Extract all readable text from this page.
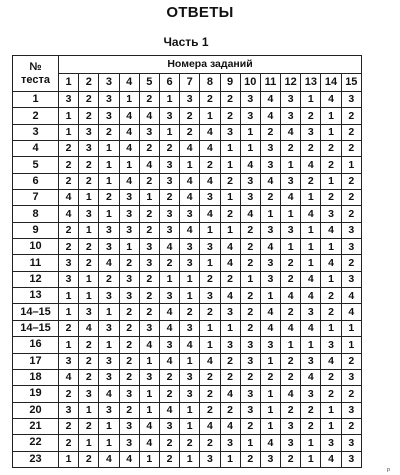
ОТВЕТЫ
Часть 1
№
теста	Номера заданий														
	1	2	3	4	5	6	7	8	9	10	11	12	13	14	15
1	3	2	3	1	2	1	3	2	2	3	4	3	1	4	3
2	1	2	3	4	4	3	2	1	2	3	4	3	2	1	2
3	1	3	2	4	3	1	2	4	3	1	2	4	3	1	2
4	2	3	1	4	2	2	4	4	1	1	3	2	2	2	2
5	2	2	1	1	4	3	1	2	1	4	3	1	4	2	1
6	2	2	1	4	2	3	4	4	2	3	4	3	2	1	2
7	4	1	2	3	1	2	4	3	1	3	2	4	1	2	2
8	4	3	1	3	2	3	3	4	2	4	1	1	4	3	2
9	2	1	3	3	2	3	4	1	1	2	3	3	1	4	3
10	2	2	3	1	3	4	3	3	4	2	4	1	1	1	3
11	3	2	4	2	3	2	3	1	4	2	3	2	1	4	2
12	3	1	2	3	2	1	1	2	2	1	3	2	4	1	3
13	1	1	3	3	2	3	1	3	4	2	1	4	4	2	4
14–15	1	3	1	2	2	4	2	2	3	2	4	2	3	2	4
14–15	2	4	3	2	3	4	3	1	1	2	4	4	4	1	1
16	1	2	1	2	4	3	4	1	3	3	3	1	1	3	1
17	3	2	3	2	1	4	1	4	2	3	1	2	3	4	2
18	4	2	3	2	3	2	3	2	2	2	2	2	4	2	3
19	2	3	4	3	1	2	3	2	4	3	1	4	3	2	2
20	3	1	3	2	1	4	1	2	2	3	1	2	2	1	3
21	2	2	1	3	4	3	1	4	4	2	1	3	2	1	2
22	2	1	1	3	4	2	2	2	3	1	4	3	1	3	3
23	1	2	4	4	1	2	1	3	1	2	3	2	1	4	3
ᵖ
